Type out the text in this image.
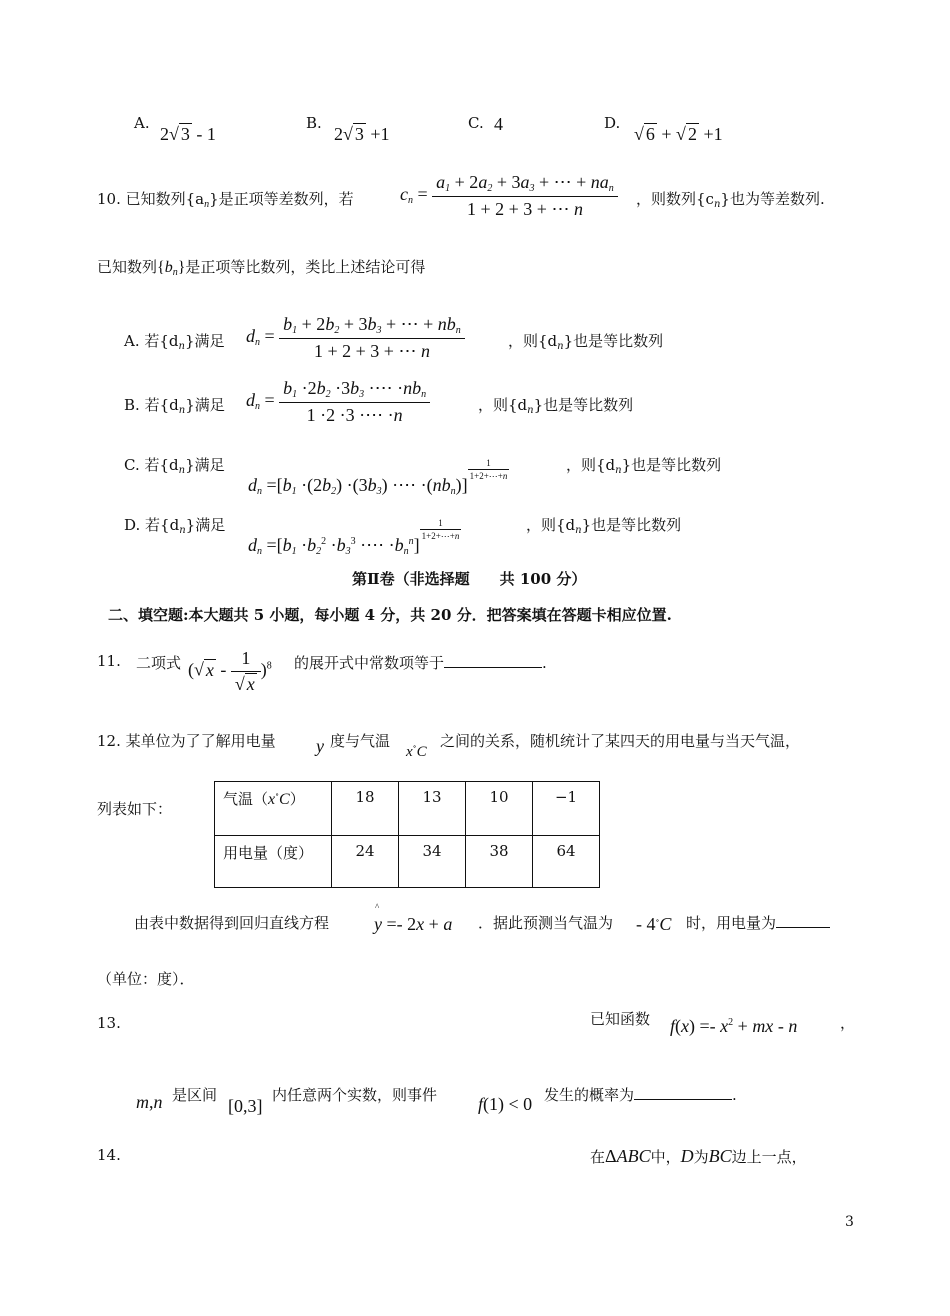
A.
2√ 3 - 1
B.
2√ 3 +1
C. 4	D.
√ 6 + √ 2 +1
10. 已知数列$\{a_n\}$是正项等差数列，若	$c_n = \frac{a_1 + 2a_2 + 3a_3 + \cdots + na_n}{1 + 2 + 3 + \cdots n}$ ，则数列$\{c_n\}$也为等差数列.
已知数列$\{b_n\}$是正项等比数列，类比上述结论可得
A. 若$\{d_n\}$满足 $d_n = \frac{b_1 + 2b_2 + 3b_3 + \cdots + nb_n}{1 + 2 + 3 + \cdots n}$	，则$\{d_n\}$也是等比数列
B. 若$\{d_n\}$满足 $d_n = \frac{b_1 \cdot 2b_2 \cdot 3b_3 \cdot\cdots \cdot nb_n}{1 \cdot 2 \cdot 3 \cdot\cdots \cdot n}$	，则$\{d_n\}$也是等比数列
C. 若$\{d_n\}$满足
$d_n =[b_1 \cdot(2b_2) \cdot(3b_3)$ ·⋯ $\cdot(nb_n)$]
$\frac{1}{1+2+\cdots+n}$	，则$\{d_n\}$也是等比数列
D. 若$\{d_n\}$满足
$d_n =[b_1 \cdot b_2^2 \cdot b_3^3$ ·⋯ $\cdot b_n^n$]
$\frac{1}{1+2+\cdots+n}$	，则$\{d_n\}$也是等比数列
第Ⅱ卷（非选择题　　共 100 分）
二、填空题:本大题共 5 小题，每小题 4 分，共 20 分．把答案填在答题卡相应位置.
11. 二项式 (√ x - $\frac{1}{√ x} )^8$ 的展开式中常数项等于	.
12. 某单位为了了解用电量 y 度与气温
x∘C
之间的关系，随机统计了某四天的用电量与当天气温，
列表如下：
气温（x∘C）	18	13	10	−1
用电量（度）	24	34	38	64
由表中数据得到回归直线方程 y
^
=- 2x + a ．据此预测当气温为 - 4∘C 时，用电量为
（单位：度）．
13.	已知函数 $f(x) =- x^2$ + mx - n	，
m,n 是区间
[0,3]
内任意两个实数，则事件 f(1) < 0 发生的概率为	.
14.	在ΔABC中，D为BC边上一点，
3
